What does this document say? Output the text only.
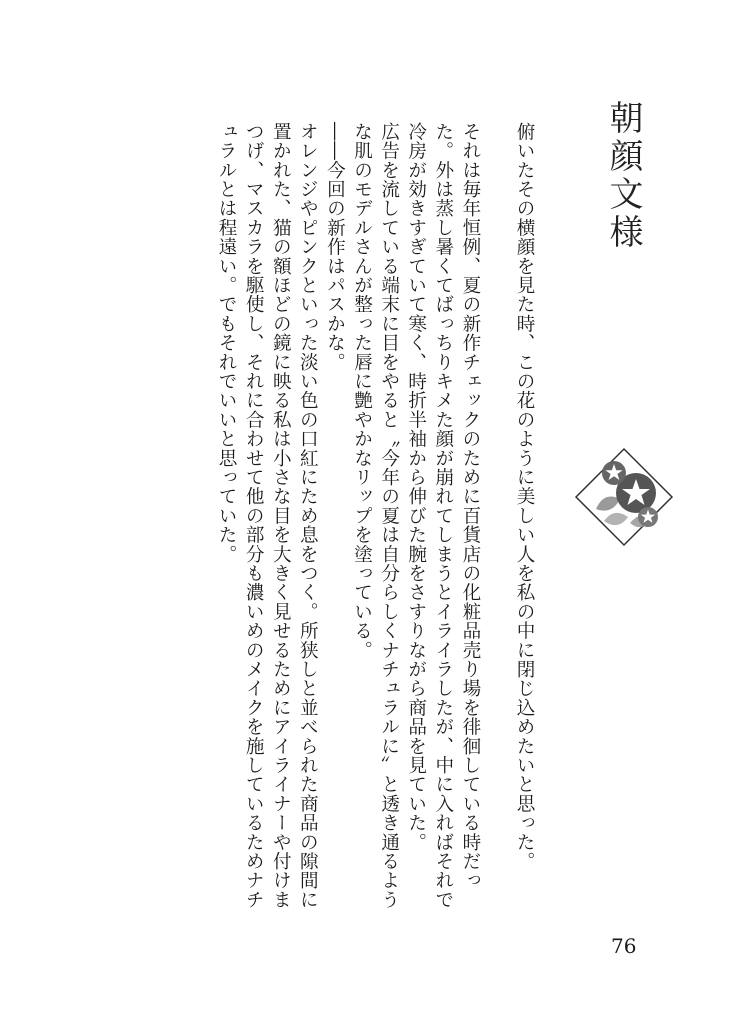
朝顔文様

俯いたその横顔を見た時、この花のように美しい人を私の中に閉じ込めたいと思った。

それは毎年恒例、夏の新作チェックのために百貨店の化粧品売り場を徘徊している時だった。外は蒸し暑くてばっちりキメた顔が崩れてしまうとイライラしたが、中に入ればそれで冷房が効きすぎていて寒く、時折半袖から伸びた腕をさすりながら商品を見ていた。

広告を流している端末に目をやると〝今年の夏は自分らしくナチュラルに〟と透き通るような肌のモデルさんが整った唇に艶やかなリップを塗っている。

――今回の新作はパスかな。

オレンジやピンクといった淡い色の口紅にため息をつく。所狭しと並べられた商品の隙間に置かれた、猫の額ほどの鏡に映る私は小さな目を大きく見せるためにアイライナーや付けまつげ、マスカラを駆使し、それに合わせて他の部分も濃いめのメイクを施しているためナチュラルとは程遠い。でもそれでいいと思っていた。

76
